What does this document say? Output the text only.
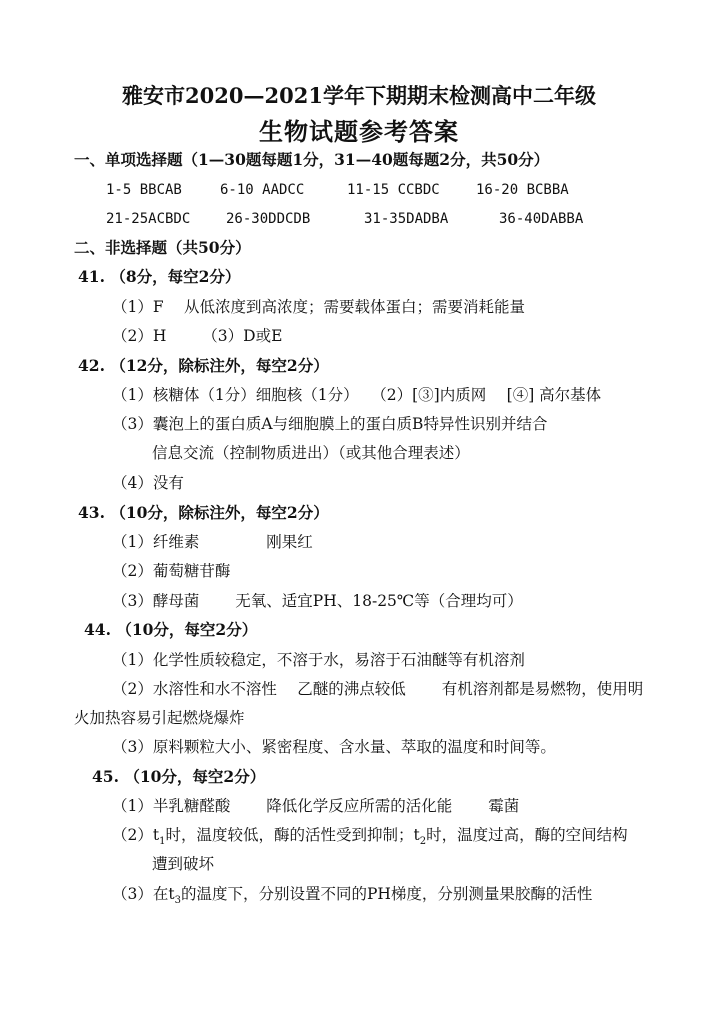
雅安市2020—2021学年下期期末检测高中二年级
生物试题参考答案
一、单项选择题（1—30题每题1分，31—40题每题2分，共50分）
1-5 BBCAB	6-10 AADCC	11-15 CCBDC	16-20 BCBBA
21-25ACBDC	26-30DDCDB	31-35DADBA	36-40DABBA
二、非选择题（共50分）
41. （8分，每空2分）
（1）F　 从低浓度到高浓度；需要载体蛋白；需要消耗能量
（2）H　　 （3）D或E
42. （12分，除标注外，每空2分）
（1）核糖体（1分）细胞核（1分）　 （2）[③]内质网　 [④] 高尔基体
（3）囊泡上的蛋白质A与细胞膜上的蛋白质B特异性识别并结合
信息交流（控制物质进出）（或其他合理表述）
（4）没有
43. （10分，除标注外，每空2分）
（1）纤维素　　　　 刚果红
（2）葡萄糖苷酶
（3）酵母菌　　 无氧、适宜PH、18-25℃等（合理均可）
44. （10分，每空2分）
（1）化学性质较稳定，不溶于水，易溶于石油醚等有机溶剂
（2）水溶性和水不溶性　 乙醚的沸点较低　　 有机溶剂都是易燃物，使用明
火加热容易引起燃烧爆炸
（3）原料颗粒大小、紧密程度、含水量、萃取的温度和时间等。
45. （10分，每空2分）
（1）半乳糖醛酸　　 降低化学反应所需的活化能　　 霉菌
$(2)t_1$时，温度较低，酶的活性受到抑制；$t_2$时，温度过高，酶的空间结构
遭到破坏
（3）在$t_3$的温度下，分别设置不同的PH梯度，分别测量果胶酶的活性
